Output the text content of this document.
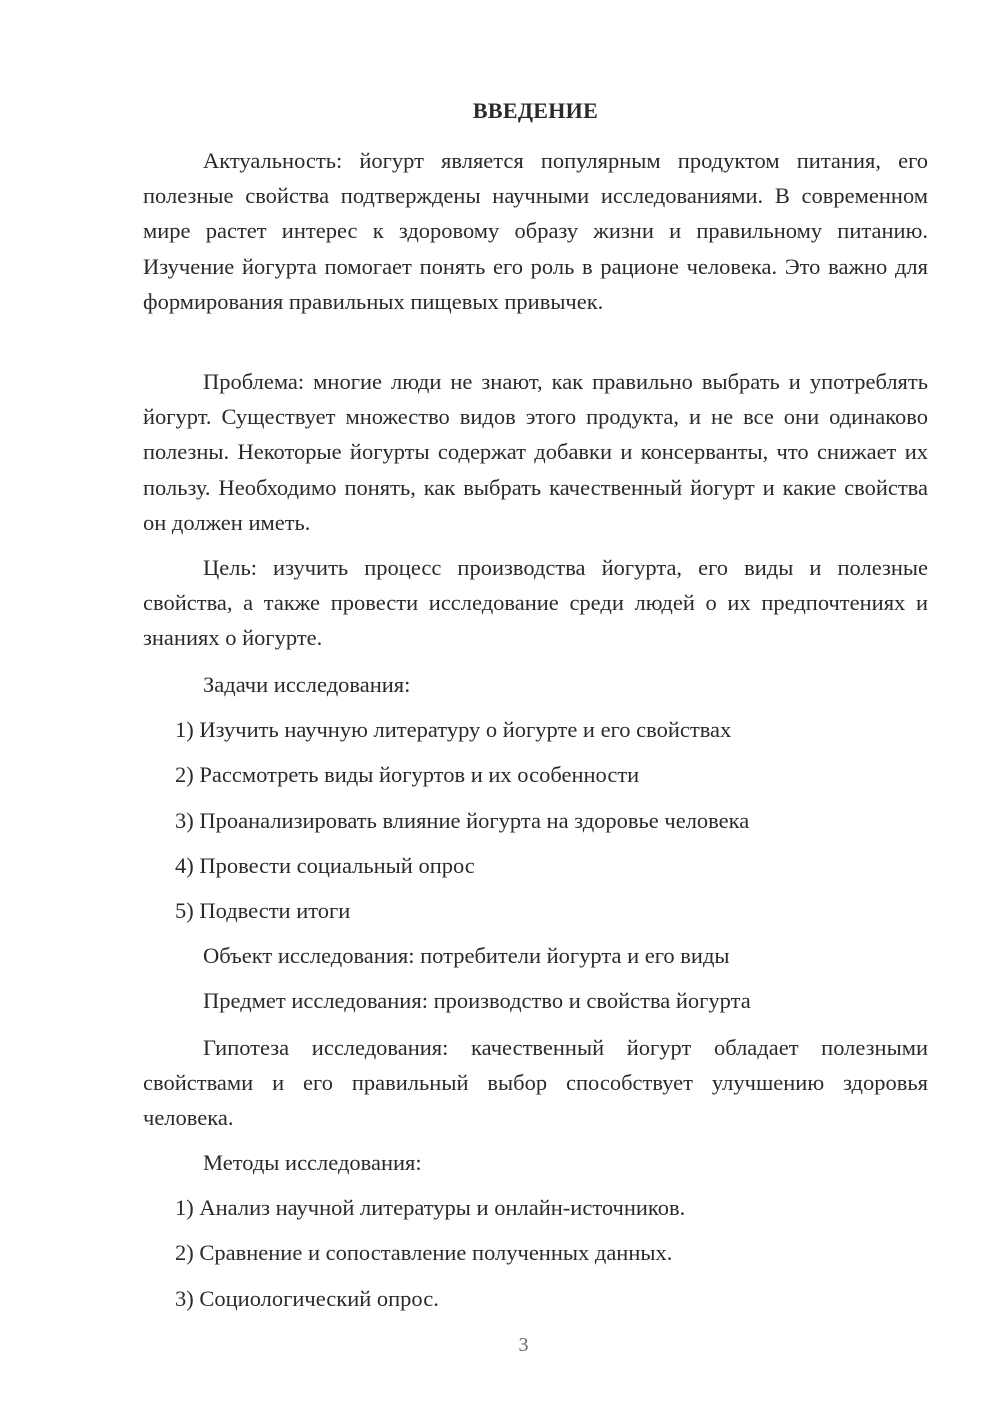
ВВЕДЕНИЕ

Актуальность: йогурт является популярным продуктом питания, его полезные свойства подтверждены научными исследованиями. В современном мире растет интерес к здоровому образу жизни и правильному питанию. Изучение йогурта помогает понять его роль в рационе человека. Это важно для формирования правильных пищевых привычек.

Проблема: многие люди не знают, как правильно выбрать и употреблять йогурт. Существует множество видов этого продукта, и не все они одинаково полезны. Некоторые йогурты содержат добавки и консерванты, что снижает их пользу. Необходимо понять, как выбрать качественный йогурт и какие свойства он должен иметь.

Цель: изучить процесс производства йогурта, его виды и полезные свойства, а также провести исследование среди людей о их предпочтениях и знаниях о йогурте.

Задачи исследования:
1) Изучить научную литературу о йогурте и его свойствах
2) Рассмотреть виды йогуртов и их особенности
3) Проанализировать влияние йогурта на здоровье человека
4) Провести социальный опрос
5) Подвести итоги
Объект исследования: потребители йогурта и его виды
Предмет исследования: производство и свойства йогурта

Гипотеза исследования: качественный йогурт обладает полезными свойствами и его правильный выбор способствует улучшению здоровья человека.

Методы исследования:
1) Анализ научной литературы и онлайн-источников.
2) Сравнение и сопоставление полученных данных.
3) Социологический опрос.
3
